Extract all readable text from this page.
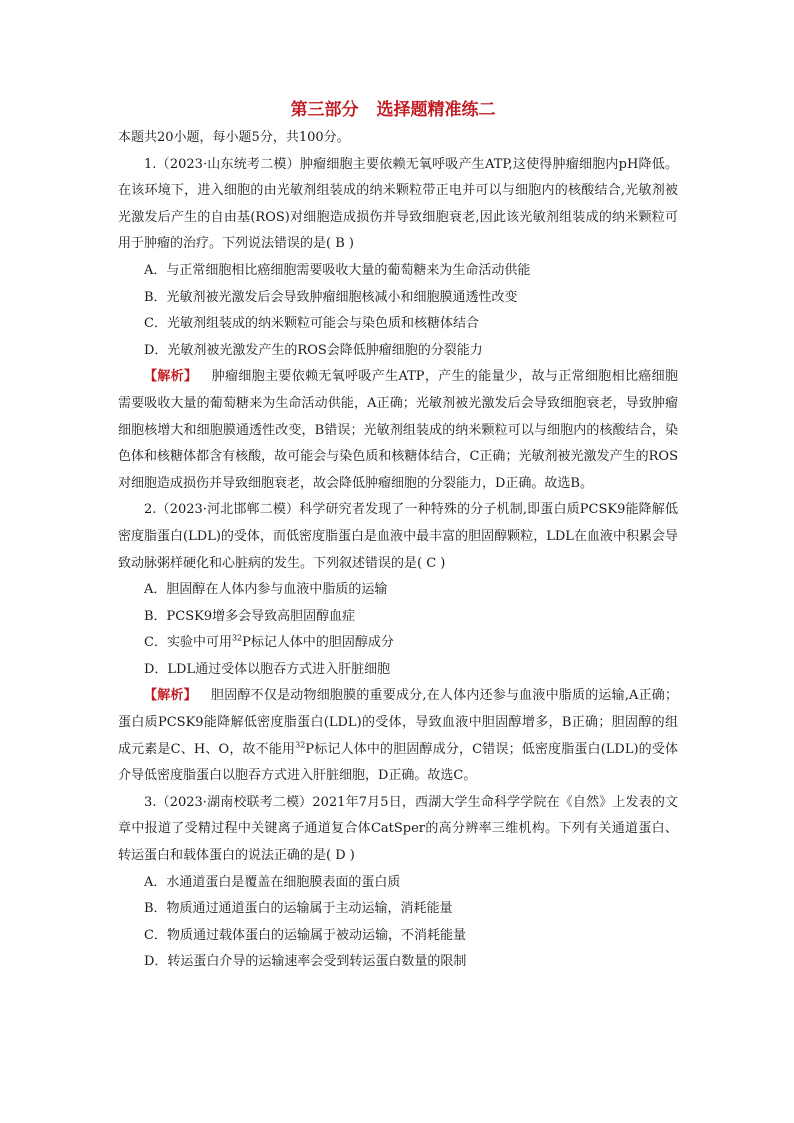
第三部分 选择题精准练二

本题共20小题，每小题5分，共100分。

1.（2023·山东统考二模）肿瘤细胞主要依赖无氧呼吸产生ATP,这使得肿瘤细胞内pH降低。在该环境下，进入细胞的由光敏剂组装成的纳米颗粒带正电并可以与细胞内的核酸结合,光敏剂被光激发后产生的自由基(ROS)对细胞造成损伤并导致细胞衰老,因此该光敏剂组装成的纳米颗粒可用于肿瘤的治疗。下列说法错误的是( B )

A．与正常细胞相比癌细胞需要吸收大量的葡萄糖来为生命活动供能

B．光敏剂被光激发后会导致肿瘤细胞核减小和细胞膜通透性改变

C．光敏剂组装成的纳米颗粒可能会与染色质和核糖体结合

D．光敏剂被光激发产生的ROS会降低肿瘤细胞的分裂能力

【解析】 肿瘤细胞主要依赖无氧呼吸产生ATP，产生的能量少，故与正常细胞相比癌细胞需要吸收大量的葡萄糖来为生命活动供能，A正确；光敏剂被光激发后会导致细胞衰老，导致肿瘤细胞核增大和细胞膜通透性改变，B错误；光敏剂组装成的纳米颗粒可以与细胞内的核酸结合，染色体和核糖体都含有核酸，故可能会与染色质和核糖体结合，C正确；光敏剂被光激发产生的ROS对细胞造成损伤并导致细胞衰老，故会降低肿瘤细胞的分裂能力，D正确。故选B。

2.（2023·河北邯郸二模）科学研究者发现了一种特殊的分子机制,即蛋白质PCSK9能降解低密度脂蛋白(LDL)的受体，而低密度脂蛋白是血液中最丰富的胆固醇颗粒，LDL在血液中积累会导致动脉粥样硬化和心脏病的发生。下列叙述错误的是( C )

A．胆固醇在人体内参与血液中脂质的运输

B．PCSK9增多会导致高胆固醇血症

C．实验中可用$^{32}$P标记人体中的胆固醇成分

D．LDL通过受体以胞吞方式进入肝脏细胞

【解析】 胆固醇不仅是动物细胞膜的重要成分,在人体内还参与血液中脂质的运输,A正确；蛋白质PCSK9能降解低密度脂蛋白(LDL)的受体，导致血液中胆固醇增多，B正确；胆固醇的组成元素是C、H、O，故不能用$^{32}$P标记人体中的胆固醇成分，C错误；低密度脂蛋白(LDL)的受体介导低密度脂蛋白以胞吞方式进入肝脏细胞，D正确。故选C。

3.（2023·湖南校联考二模）2021年7月5日，西湖大学生命科学学院在《自然》上发表的文章中报道了受精过程中关键离子通道复合体CatSper的高分辨率三维机构。下列有关通道蛋白、转运蛋白和载体蛋白的说法正确的是( D )

A．水通道蛋白是覆盖在细胞膜表面的蛋白质

B．物质通过通道蛋白的运输属于主动运输，消耗能量

C．物质通过载体蛋白的运输属于被动运输，不消耗能量

D．转运蛋白介导的运输速率会受到转运蛋白数量的限制
